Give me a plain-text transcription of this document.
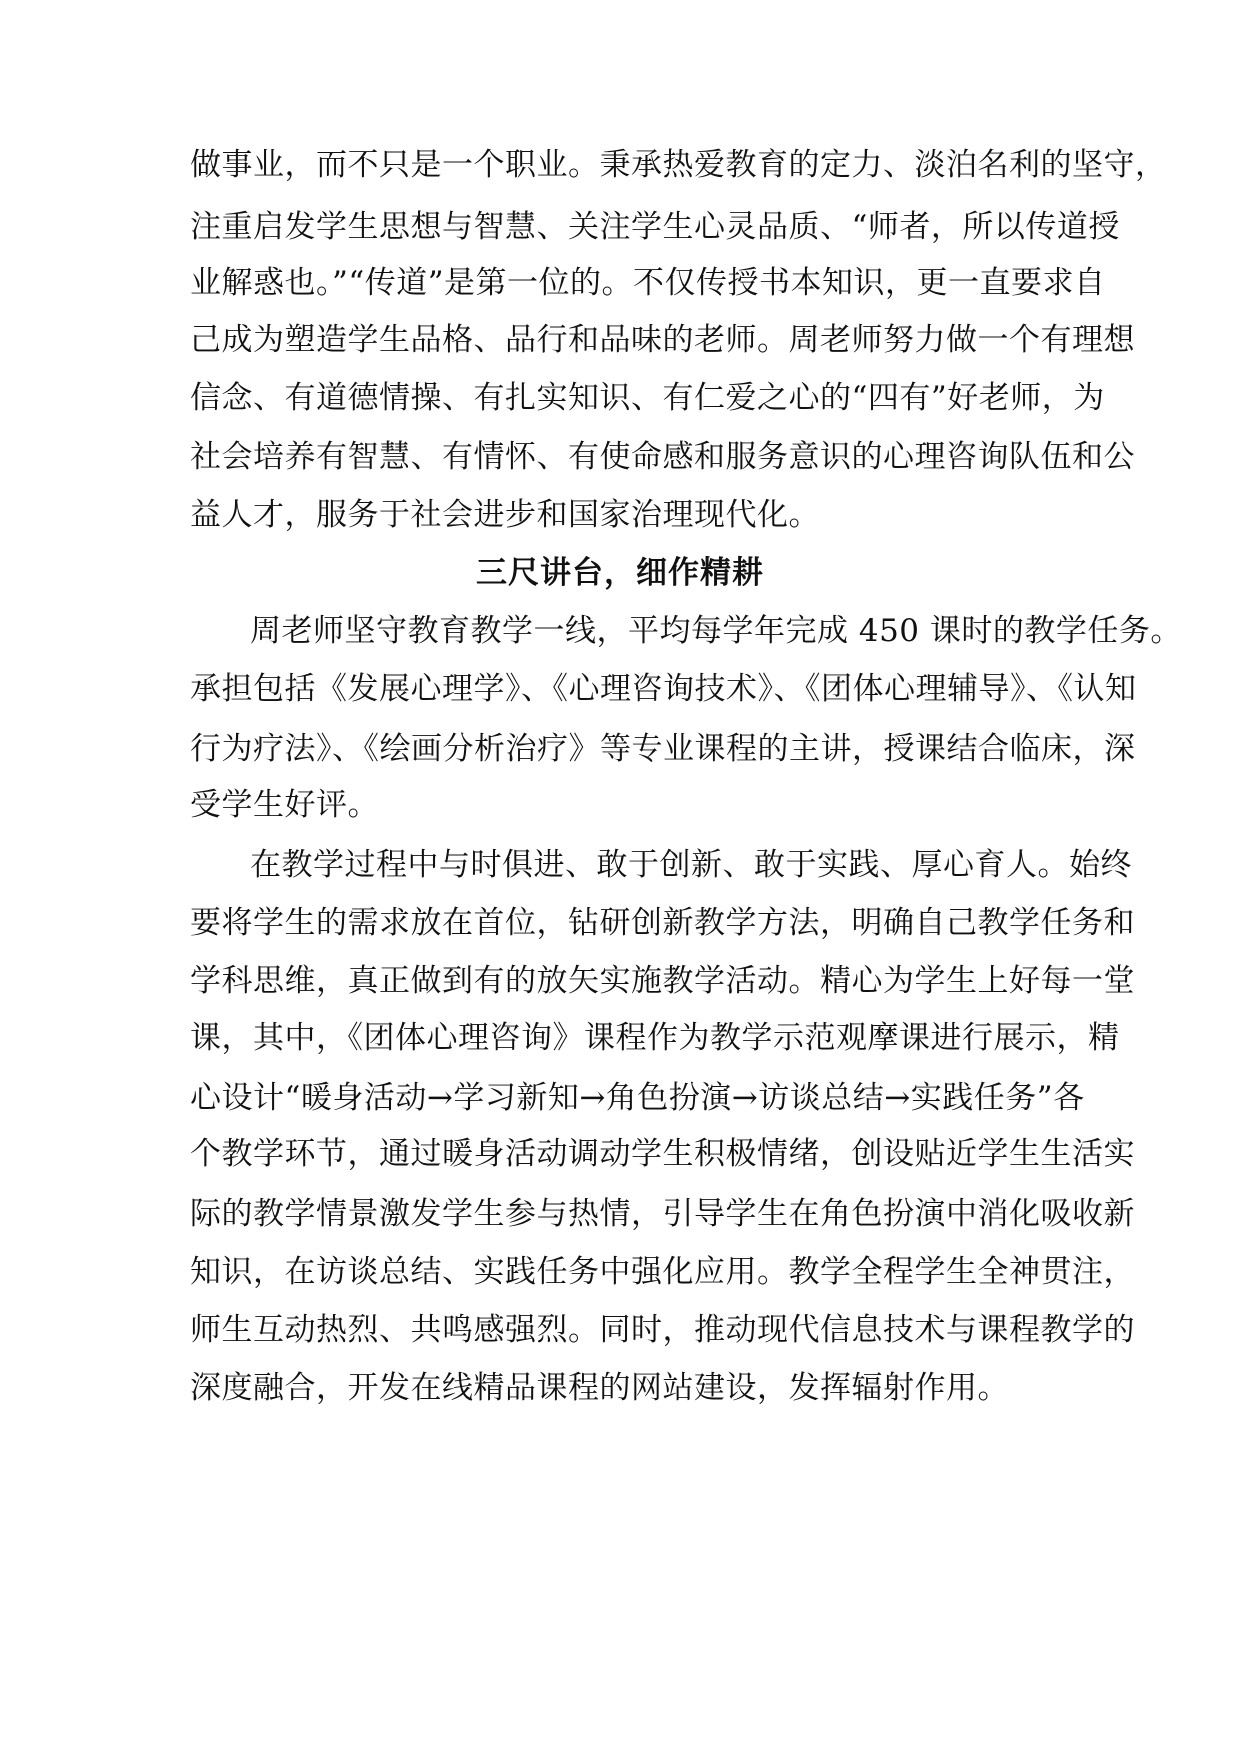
做事业，而不只是一个职业。秉承热爱教育的定力、淡泊名利的坚守，
注重启发学生思想与智慧、关注学生心灵品质、“师者，所以传道授
业解惑也。”“传道”是第一位的。不仅传授书本知识，更一直要求自
己成为塑造学生品格、品行和品味的老师。周老师努力做一个有理想
信念、有道德情操、有扎实知识、有仁爱之心的“四有”好老师，为
社会培养有智慧、有情怀、有使命感和服务意识的心理咨询队伍和公
益人才，服务于社会进步和国家治理现代化。
三尺讲台，细作精耕
周老师坚守教育教学一线，平均每学年完成 450 课时的教学任务。
承担包括《发展心理学》、《心理咨询技术》、《团体心理辅导》、《认知
行为疗法》、《绘画分析治疗》等专业课程的主讲，授课结合临床，深
受学生好评。
在教学过程中与时俱进、敢于创新、敢于实践、厚心育人。始终
要将学生的需求放在首位，钻研创新教学方法，明确自己教学任务和
学科思维，真正做到有的放矢实施教学活动。精心为学生上好每一堂
课，其中，《团体心理咨询》课程作为教学示范观摩课进行展示，精
心设计“暖身活动→学习新知→角色扮演→访谈总结→实践任务”各
个教学环节，通过暖身活动调动学生积极情绪，创设贴近学生生活实
际的教学情景激发学生参与热情，引导学生在角色扮演中消化吸收新
知识，在访谈总结、实践任务中强化应用。教学全程学生全神贯注，
师生互动热烈、共鸣感强烈。同时，推动现代信息技术与课程教学的
深度融合，开发在线精品课程的网站建设，发挥辐射作用。
